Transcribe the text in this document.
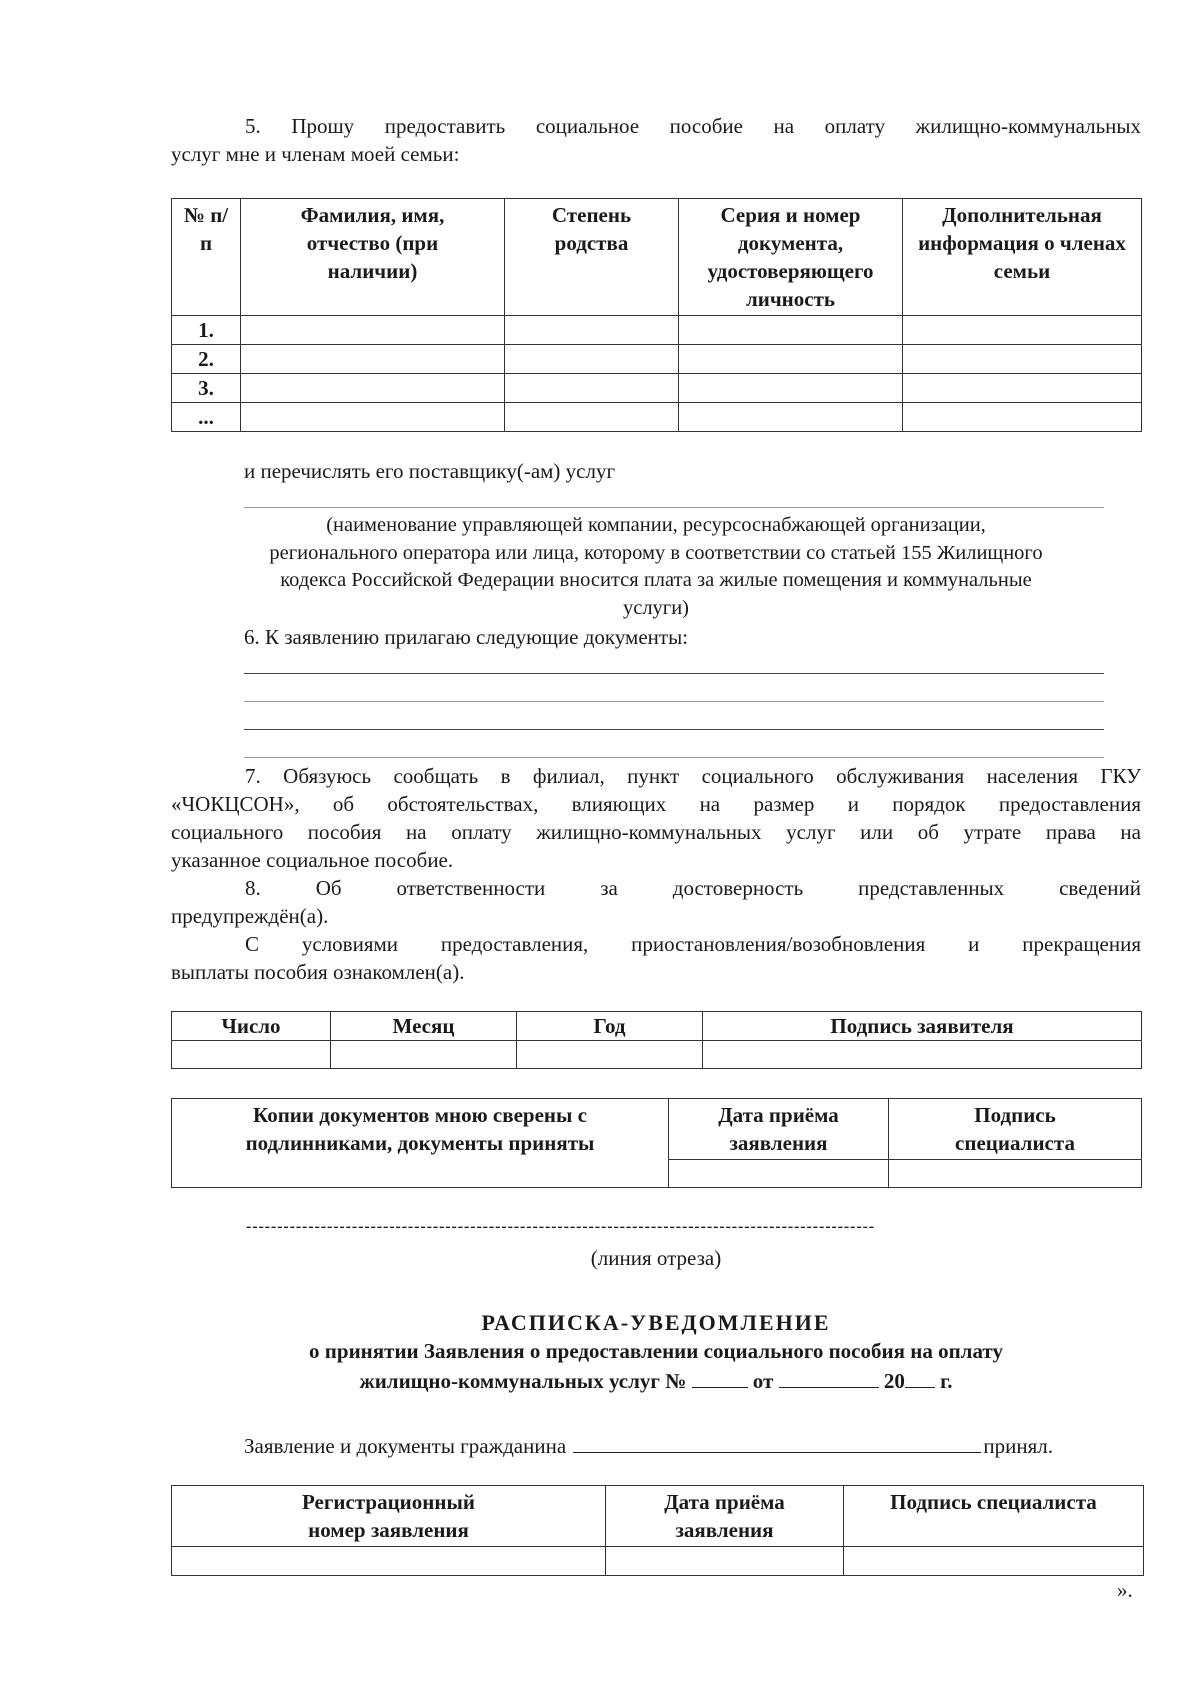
5. Прошу предоставить социальное пособие на оплату жилищно-коммунальных
услуг мне и членам моей семьи:
№ п/п	Фамилия, имя, отчество (при наличии)	Степень родства	Серия и номер документа, удостоверяющего личность	Дополнительная информация о членах семьи
1.				
2.				
3.				
...				
и перечислять его поставщику(-ам) услуг
(наименование управляющей компании, ресурсоснабжающей организации,
регионального оператора или лица, которому в соответствии со статьей 155 Жилищного
кодекса Российской Федерации вносится плата за жилые помещения и коммунальные
услуги)
6. К заявлению прилагаю следующие документы:
7. Обязуюсь сообщать в филиал, пункт социального обслуживания населения ГКУ
«ЧОКЦСОН», об обстоятельствах, влияющих на размер и порядок предоставления
социального пособия на оплату жилищно-коммунальных услуг или об утрате права на
указанное социальное пособие.
8. Об ответственности за достоверность представленных сведений
предупреждён(а).
С условиями предоставления, приостановления/возобновления и прекращения
выплаты пособия ознакомлен(а).
Число	Месяц	Год	Подпись заявителя

Копии документов мною сверены с подлинниками, документы приняты	Дата приёма заявления	Подпись специалиста

-----------------------------------------------------------------------------------------------------
(линия отреза)
РАСПИСКА-УВЕДОМЛЕНИЕ
о принятии Заявления о предоставлении социального пособия на оплату
жилищно-коммунальных услуг №	от	20 г.
Заявление и документы гражданина	принял.
Регистрационный номер заявления	Дата приёма заявления	Подпись специалиста

».
